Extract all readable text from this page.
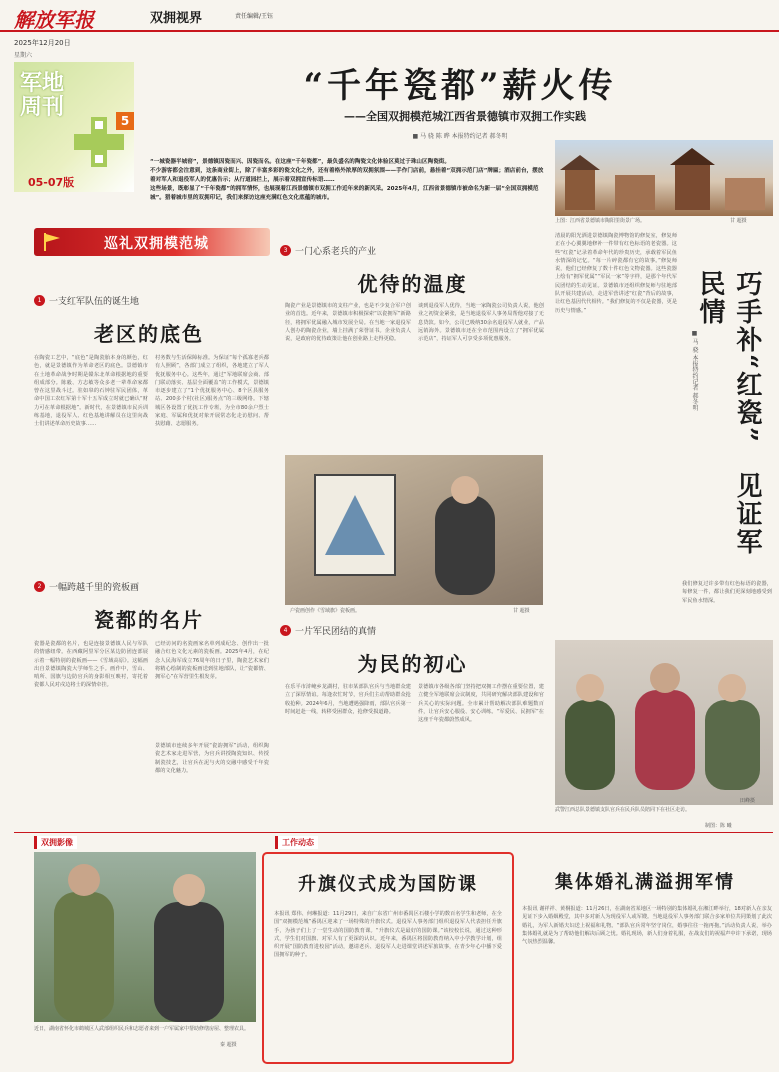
解放军报	双拥视界	责任编辑/王钰
2025年12月20日
星期六
军地周刊
5
05-07版
“千年瓷都”薪火传
——全国双拥模范城江西省景德镇市双拥工作实践
■ 马 骁 陈 晔 本报特约记者 郝冬明

“一城瓷器半城窑”，景德镇因瓷而兴、因瓷而名。在这座“千年瓷都”，最负盛名的陶瓷文化体验区莫过于珠山区陶瓷街。

不少游客都会注意到，这条商业街上，除了丰富多彩的瓷文化之外，还有着格外浓厚的双拥氛围——手作门店前，悬挂着“双拥示范门店”牌匾；酒店前台，摆放着对军人和退役军人的优惠告示；从行道园拦上，展示着双拥宣传标语……

这些场景，既彰显了“千年瓷都”的拥军情怀，也展现着江西景德镇市双拥工作近年来的新风采。2025年4月，江西省景德镇市被命名为新一届“全国双拥模范城”。猎着城市里的双拥印记，我们来探访这座充满红色文化底蕴的城市。

上图：江西省景德镇市陶阳里街景广场。	甘 超摄
巡礼双拥模范城
1 一支红军队伍的诞生地
老区的底色
在陶瓷工艺中，“底色”是陶瓷胎本身的颜色，红色，就是景德镇作为革命老区的底色。景德镇市在土地革命战争时期是赣东北革命根据地的重要组成部分。陈毅、方志敏等众多老一辈革命家都曾在这里战斗过。驻如皋的石钟驻军民团体，革命中国工农红军第十军十五军成立时就已确认“财力可在革命根据地”。新时代，在景德镇市民兵训练基地，退役军人、红色基地讲解员在这里向战士们讲述革命历史故事……
村务数与生活保障标准。为保证“每个孤寡老兵都有人照顾”，各部门成立了组织，各地建立了军人优抚服务中心。这些年，通过“军地联席会商、部门联动落实、基层全面覆盖”的工作模式，景德镇市逐步建立了“1个优抚服务中心、8个区县服务站、200多个村(社区)服务点”的三级网络。下辖城区各设置了优抚工作专班，为全市80余户烈士家庭、军属和优抚对象开展常态化走访慰问、帮扶慰藉、志愿服务。
2 一幅跨越千里的瓷板画
瓷都的名片
瓷器是瓷都的名片，也是连接景德镇人民与军队的情感纽带。在西藏阿里军分区某边防团连部展示着一幅特别的瓷板画——《雪域高原》。这幅画出自景德镇陶瓷大学师生之手。画作中，雪山、哨所、国旗与边防官兵的身影相互映衬，寄托着瓷都人民对戍边将士的深情牵挂。
已经访问的名瓷画家名单列成纪念、创作出一批融合红色文化元素的瓷板画。2025年4月，在纪念人民海军成立76周年的日子里，陶瓷艺术家们将精心绘制的瓷板画送到驻地部队，让“瓷都情、拥军心”在军营里生根发芽。
景德镇市连续多年开展“瓷韵拥军”活动，组织陶瓷艺术家走进军营，为官兵讲授陶瓷知识、传授制瓷技艺，让官兵在泥与火的交融中感受千年瓷都的文化魅力。
3 一门心系老兵的产业
优待的温度
陶瓷产业是景德镇市的支柱产业，也是不少复合军户创业的首选。近年来，景德镇市积极探索“以瓷拥军”新路径，将拥军优属融入城市发展全局。在当地一家退役军人创办的陶瓷企业，墙上挂满了荣誉证书。企业负责人说，是政府的优待政策让他在创业路上走得更稳。
谈到退役军人优待，当地一家陶瓷公司负责人说，他创业之初资金紧张，是当地退役军人事务局帮他对接了无息贷款。如今，公司已吸纳30余名退役军人就业，产品远销海外。景德镇市还在全市范围内设立了“拥军优属示范店”，持证军人可享受多项优惠服务。
户瓷画创作《雪域旗》瓷板画。	甘 超摄
4 一片军民团结的真情
为民的初心
在乐平市浒崦乡龙湖村，驻市某部队官兵与当地群众建立了深厚情谊。每逢农忙时节，官兵们主动帮助群众抢收抢种。2024年6月，当地遭遇强降雨，部队官兵第一时间赶赴一线，转移受困群众，抢修受损道路。
景德镇市各级各部门坚持把双拥工作摆在重要位置，建立健全军地联席会议制度，共同研究解决部队建设和官兵关心的实际问题。全市累计帮助解决部队难题数百件，让官兵安心服役、安心训练。“军爱民、民拥军”在这座千年瓷都蔚然成风。
清晨的阳光洒进景德镇陶瓷博物馆的修复室，修复师正在小心翼翼地修补一件带有红色标语的老瓷器。这些“红瓷”记录着革命年代的珍贵历史，承载着军民鱼水情深的记忆。“每一片碎瓷都有它的故事。”修复师说，他们已经修复了数十件红色文物瓷器。这些瓷器上绘有“拥军优属”“军民一家”等字样，是那个年代军民团结的生动见证。景德镇市还组织修复师与驻地部队开展共建活动，走进军营讲述“红瓷”背后的故事，让红色基因代代相传。“我们修复的不仅是瓷器，更是历史与情感。”	巧手补“红瓷”　见证军民情
■ 马 骁 本报特约记者 郝冬明
我们修复过许多带有红色标语的瓷器，每修复一件，都让我们更深刻地感受到军民鱼水情深。
武警江西总队景德镇支队官兵在民兵队员陪同下在社区走访。
田峰摄
制图：陈 曦
双拥影像
近日，湖南省怀化市鹤城区人武部组织民兵和志愿者来到一户军属家中帮助修缮房屋、整理农具。
秦 超摄
工作动态
升旗仪式成为国防课
本报讯 郑伟、何琳报道：11月29日，来自广东省广州市番禺区石楼小学的数百名学生和老师，在全国“双拥模范城”番禺区迎来了一场特殊的升旗仪式。退役军人事务部门组织退役军人代表担任升旗手，为孩子们上了一堂生动的国防教育课。“升旗仪式是最好的国防课。”该校校长说，通过这种形式，学生们对国旗、对军人有了更深的认识。近年来，番禺区将国防教育纳入中小学教学计划，组织开展“国防教育进校园”活动，邀请老兵、退役军人走进课堂讲述军旅故事，在青少年心中播下爱国拥军的种子。
集体婚礼满溢拥军情
本报讯 谢祥祥、黄桐报道：11月26日，在湖南省某地区一场特别的集体婚礼在湘江畔举行，18对新人在亲友见证下步入婚姻殿堂，其中多对新人为现役军人或军嫂。当地退役军人事务部门联合多家单位共同策划了此次婚礼，为军人新婚夫妇送上祝福和礼物。“部队官兵常年坚守岗位，婚事往往一拖再拖。”活动负责人说，举办集体婚礼就是为了帮助他们解决后顾之忧。婚礼现场，新人们身着礼服，在战友们的祝福声中许下承诺，现场气氛热烈温馨。
